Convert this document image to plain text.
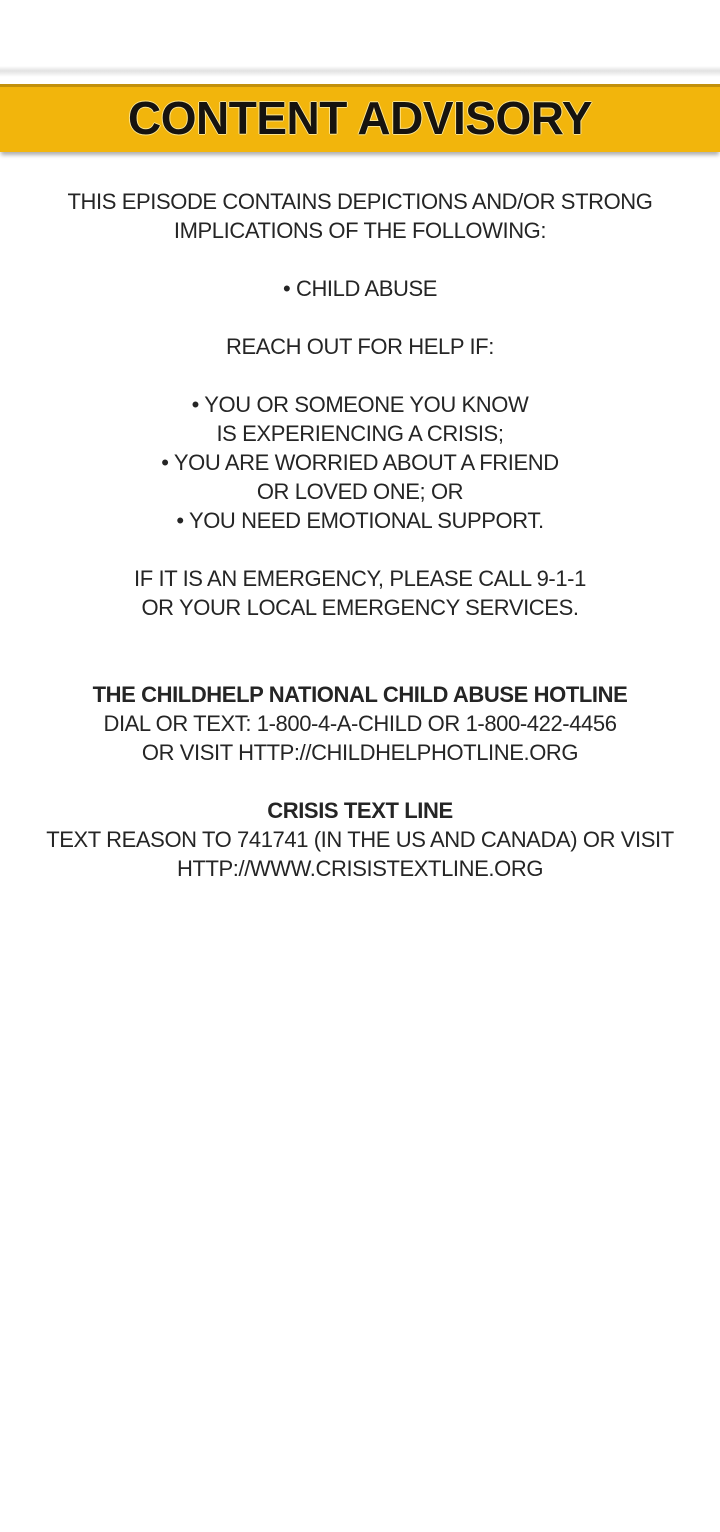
CONTENT ADVISORY
THIS EPISODE CONTAINS DEPICTIONS AND/OR STRONG
IMPLICATIONS OF THE FOLLOWING:
• CHILD ABUSE
REACH OUT FOR HELP IF:
• YOU OR SOMEONE YOU KNOW
IS EXPERIENCING A CRISIS;
• YOU ARE WORRIED ABOUT A FRIEND
OR LOVED ONE; OR
• YOU NEED EMOTIONAL SUPPORT.
IF IT IS AN EMERGENCY, PLEASE CALL 9-1-1
OR YOUR LOCAL EMERGENCY SERVICES.
THE CHILDHELP NATIONAL CHILD ABUSE HOTLINE
DIAL OR TEXT: 1-800-4-A-CHILD OR 1-800-422-4456
OR VISIT HTTP://CHILDHELPHOTLINE.ORG
CRISIS TEXT LINE
TEXT REASON TO 741741 (IN THE US AND CANADA) OR VISIT
HTTP://WWW.CRISISTEXTLINE.ORG
